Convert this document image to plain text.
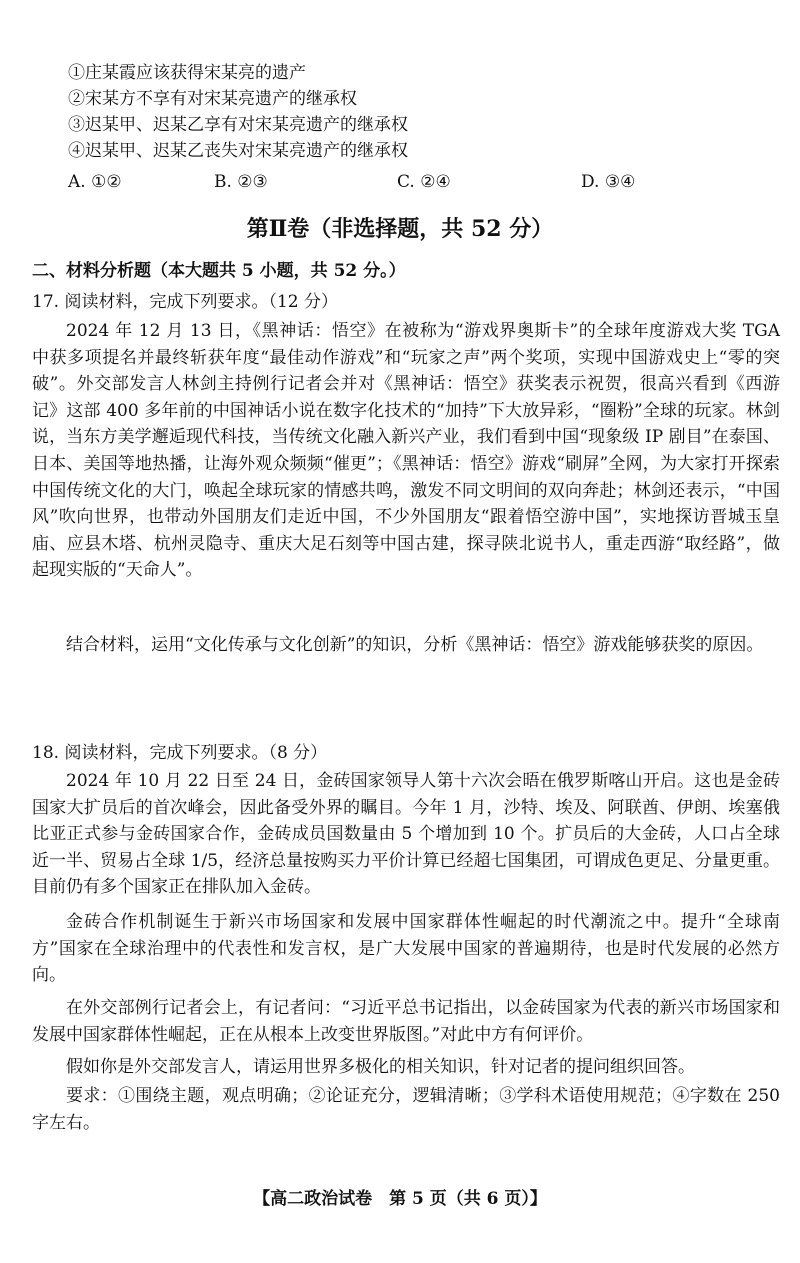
①庄某霞应该获得宋某亮的遗产
②宋某方不享有对宋某亮遗产的继承权
③迟某甲、迟某乙享有对宋某亮遗产的继承权
④迟某甲、迟某乙丧失对宋某亮遗产的继承权
A. ①②	B. ②③	C. ②④	D. ③④
第Ⅱ卷（非选择题，共 52 分）
二、材料分析题（本大题共 5 小题，共 52 分。）
17. 阅读材料，完成下列要求。（12 分）

2024 年 12 月 13 日，《黑神话：悟空》在被称为“游戏界奥斯卡”的全球年度游戏大奖 TGA 中获多项提名并最终斩获年度“最佳动作游戏”和“玩家之声”两个奖项，实现中国游戏史上“零的突破”。外交部发言人林剑主持例行记者会并对《黑神话：悟空》获奖表示祝贺，很高兴看到《西游记》这部 400 多年前的中国神话小说在数字化技术的“加持”下大放异彩，“圈粉”全球的玩家。林剑说，当东方美学邂逅现代科技，当传统文化融入新兴产业，我们看到中国“现象级 IP 剧目”在泰国、日本、美国等地热播，让海外观众频频“催更”；《黑神话：悟空》游戏“刷屏”全网，为大家打开探索中国传统文化的大门，唤起全球玩家的情感共鸣，激发不同文明间的双向奔赴；林剑还表示，“中国风”吹向世界，也带动外国朋友们走近中国，不少外国朋友“跟着悟空游中国”，实地探访晋城玉皇庙、应县木塔、杭州灵隐寺、重庆大足石刻等中国古建，探寻陕北说书人，重走西游“取经路”，做起现实版的“天命人”。

结合材料，运用“文化传承与文化创新”的知识，分析《黑神话：悟空》游戏能够获奖的原因。

18. 阅读材料，完成下列要求。（8 分）

2024 年 10 月 22 日至 24 日，金砖国家领导人第十六次会晤在俄罗斯喀山开启。这也是金砖国家大扩员后的首次峰会，因此备受外界的瞩目。今年 1 月，沙特、埃及、阿联酋、伊朗、埃塞俄比亚正式参与金砖国家合作，金砖成员国数量由 5 个增加到 10 个。扩员后的大金砖，人口占全球近一半、贸易占全球 1/5，经济总量按购买力平价计算已经超七国集团，可谓成色更足、分量更重。目前仍有多个国家正在排队加入金砖。

金砖合作机制诞生于新兴市场国家和发展中国家群体性崛起的时代潮流之中。提升“全球南方”国家在全球治理中的代表性和发言权，是广大发展中国家的普遍期待，也是时代发展的必然方向。

在外交部例行记者会上，有记者问：“习近平总书记指出，以金砖国家为代表的新兴市场国家和发展中国家群体性崛起，正在从根本上改变世界版图。”对此中方有何评价。

假如你是外交部发言人，请运用世界多极化的相关知识，针对记者的提问组织回答。

要求：①围绕主题，观点明确；②论证充分，逻辑清晰；③学科术语使用规范；④字数在 250 字左右。

【高二政治试卷　第 5 页（共 6 页）】
